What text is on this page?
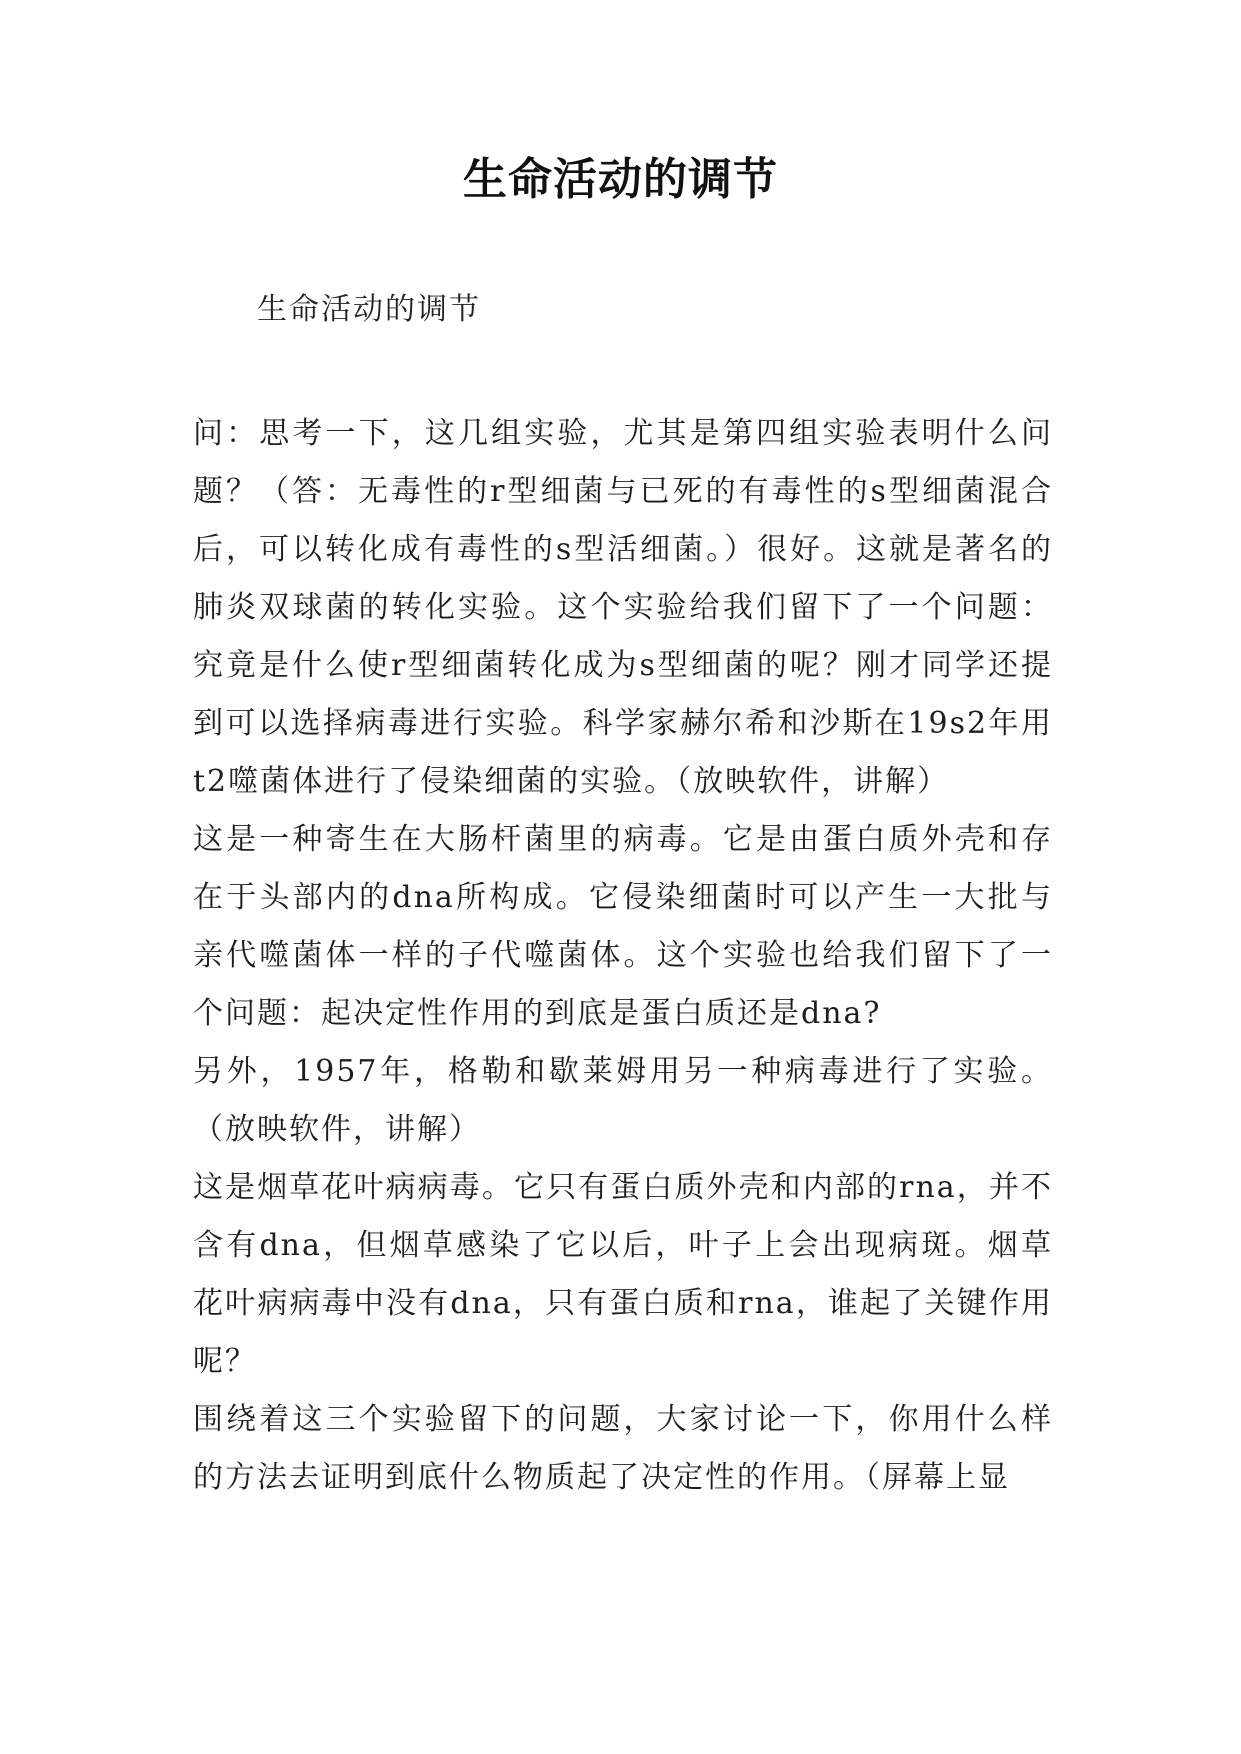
生命活动的调节
生命活动的调节

问：思考一下，这几组实验，尤其是第四组实验表明什么问题？（答：无毒性的r型细菌与已死的有毒性的s型细菌混合后，可以转化成有毒性的s型活细菌。）很好。这就是著名的肺炎双球菌的转化实验。这个实验给我们留下了一个问题：究竟是什么使r型细菌转化成为s型细菌的呢？刚才同学还提到可以选择病毒进行实验。科学家赫尔希和沙斯在19s2年用t2噬菌体进行了侵染细菌的实验。（放映软件，讲解）

这是一种寄生在大肠杆菌里的病毒。它是由蛋白质外壳和存在于头部内的dna所构成。它侵染细菌时可以产生一大批与亲代噬菌体一样的子代噬菌体。这个实验也给我们留下了一个问题：起决定性作用的到底是蛋白质还是dna?

另外，1957年，格勒和歇莱姆用另一种病毒进行了实验。（放映软件，讲解）

这是烟草花叶病病毒。它只有蛋白质外壳和内部的rna，并不含有dna，但烟草感染了它以后，叶子上会出现病斑。烟草花叶病病毒中没有dna，只有蛋白质和rna，谁起了关键作用呢？

围绕着这三个实验留下的问题，大家讨论一下，你用什么样的方法去证明到底什么物质起了决定性的作用。（屏幕上显
